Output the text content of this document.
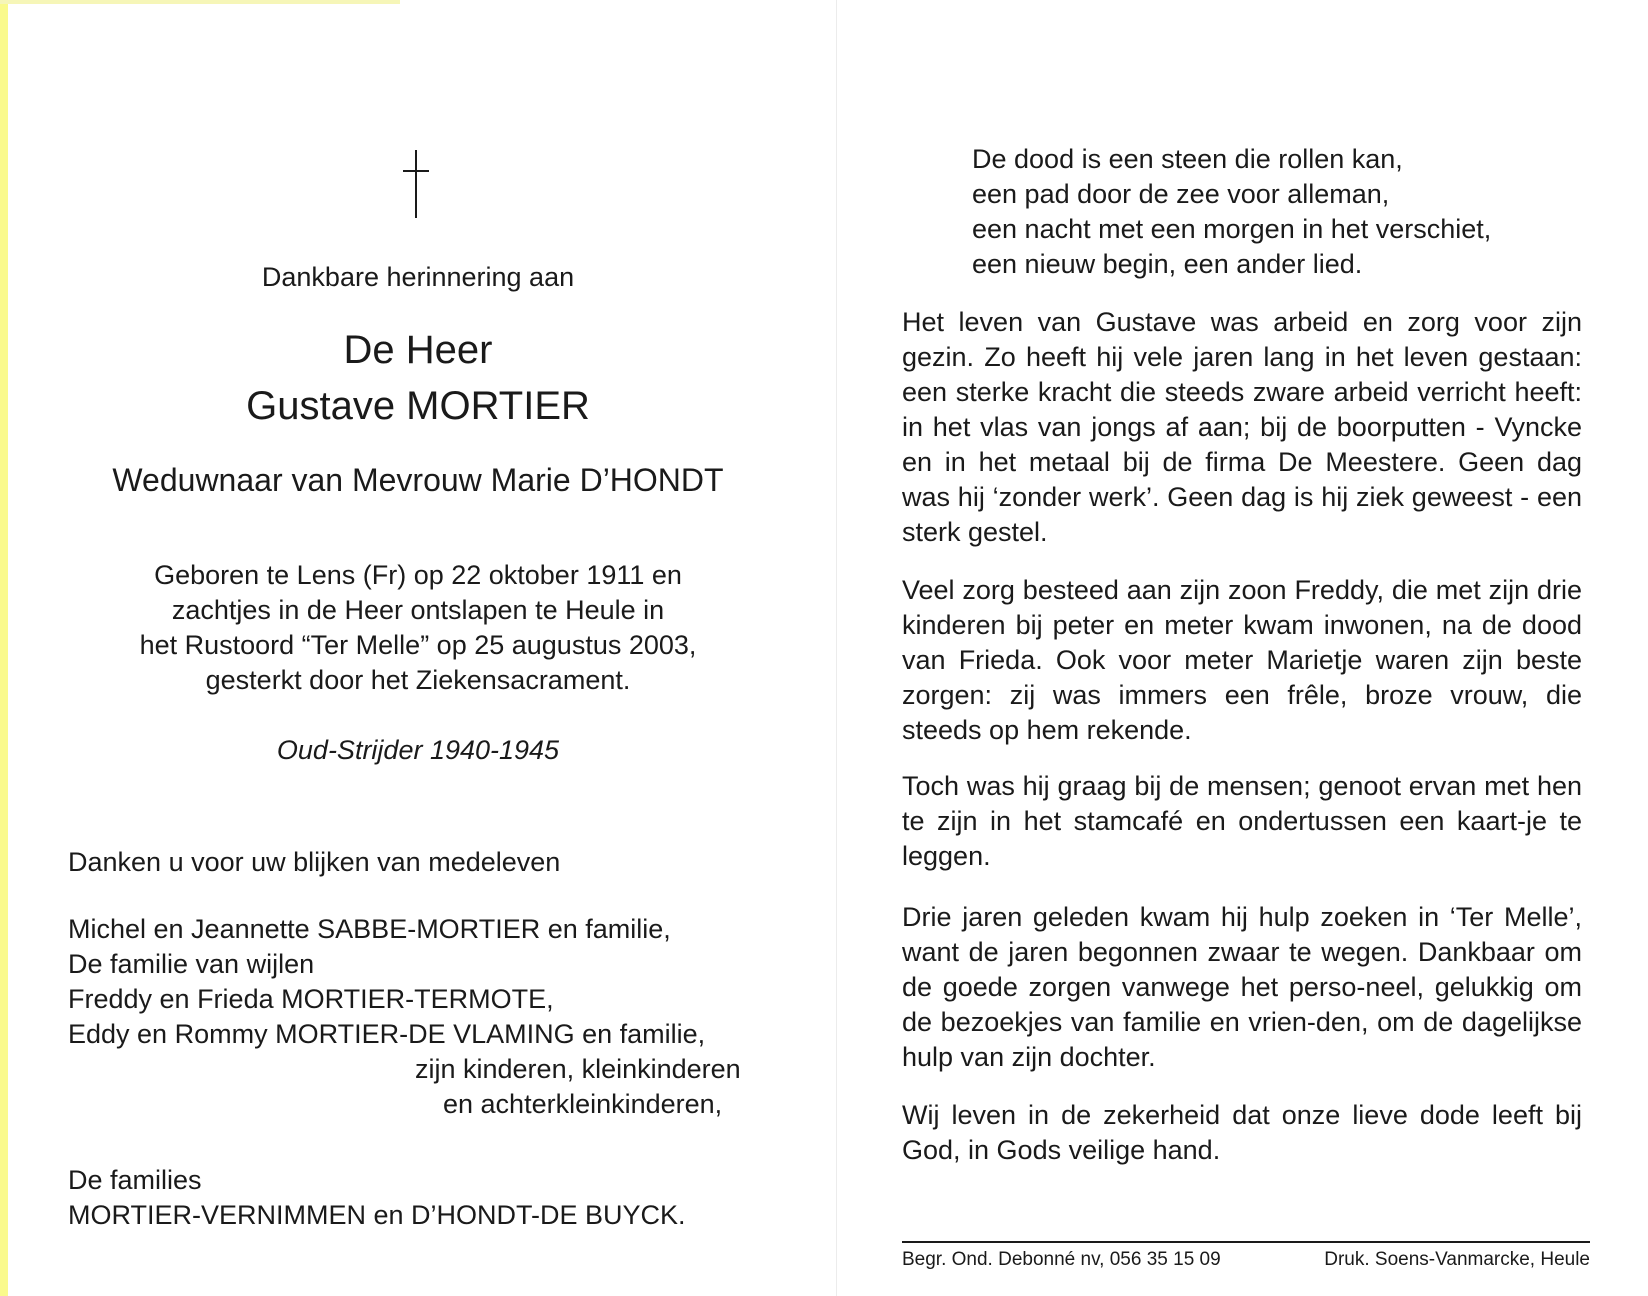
Dankbare herinnering aan
De Heer
Gustave MORTIER
Weduwnaar van Mevrouw Marie D’HONDT
Geboren te Lens (Fr) op 22 oktober 1911 en
zachtjes in de Heer ontslapen te Heule in
het Rustoord “Ter Melle” op 25 augustus 2003,
gesterkt door het Ziekensacrament.
Oud-Strijder 1940-1945
Danken u voor uw blijken van medeleven
Michel en Jeannette SABBE-MORTIER en familie,
De familie van wijlen
Freddy en Frieda MORTIER-TERMOTE,
Eddy en Rommy MORTIER-DE VLAMING en familie,
zijn kinderen, kleinkinderen
en achterkleinkinderen,
De families
MORTIER-VERNIMMEN en D’HONDT-DE BUYCK.
De dood is een steen die rollen kan,
een pad door de zee voor alleman,
een nacht met een morgen in het verschiet,
een nieuw begin, een ander lied.
Het leven van Gustave was arbeid en zorg voor zijn gezin. Zo heeft hij vele jaren lang in het leven gestaan: een sterke kracht die steeds zware arbeid verricht heeft: in het vlas van jongs af aan; bij de boorputten - Vyncke en in het metaal bij de firma De Meestere. Geen dag was hij ‘zonder werk’. Geen dag is hij ziek geweest - een sterk gestel.
Veel zorg besteed aan zijn zoon Freddy, die met zijn drie kinderen bij peter en meter kwam inwonen, na de dood van Frieda. Ook voor meter Marietje waren zijn beste zorgen: zij was immers een frêle, broze vrouw, die steeds op hem rekende.
Toch was hij graag bij de mensen; genoot ervan met hen te zijn in het stamcafé en ondertussen een kaart-je te leggen.
Drie jaren geleden kwam hij hulp zoeken in ‘Ter Melle’, want de jaren begonnen zwaar te wegen. Dankbaar om de goede zorgen vanwege het perso-neel, gelukkig om de bezoekjes van familie en vrien-den, om de dagelijkse hulp van zijn dochter.
Wij leven in de zekerheid dat onze lieve dode leeft bij God, in Gods veilige hand.
Begr. Ond. Debonné nv, 056 35 15 09	Druk. Soens-Vanmarcke, Heule
